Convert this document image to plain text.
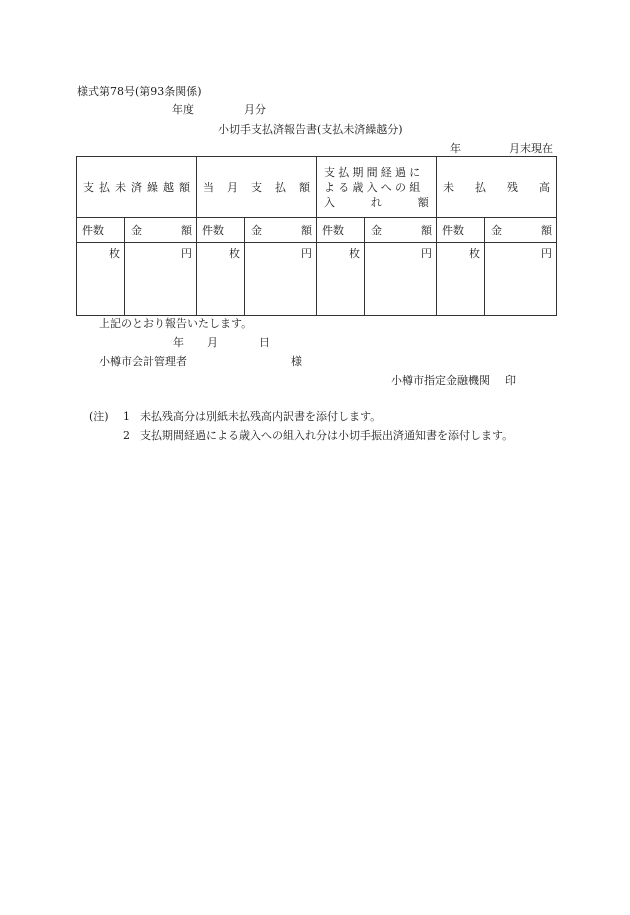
様式第78号(第93条関係)
年度	月分
小切手支払済報告書(支払未済繰越分)
年	月末現在
支払未済繰越額		当 月 支 払 額		支払期間経過による歳入への組入れ額		未 払 残 高	

件数	金 額	件数	金 額	件数	金 額	件数	金 額

枚	円	枚	円	枚	円	枚	円
上記のとおり報告いたします。
年 月	日
小樽市会計管理者	様
小樽市指定金融機関 印
(注) 1 未払残高分は別紙未払残高内訳書を添付します。
2 支払期間経過による歳入への組入れ分は小切手振出済通知書を添付します。
